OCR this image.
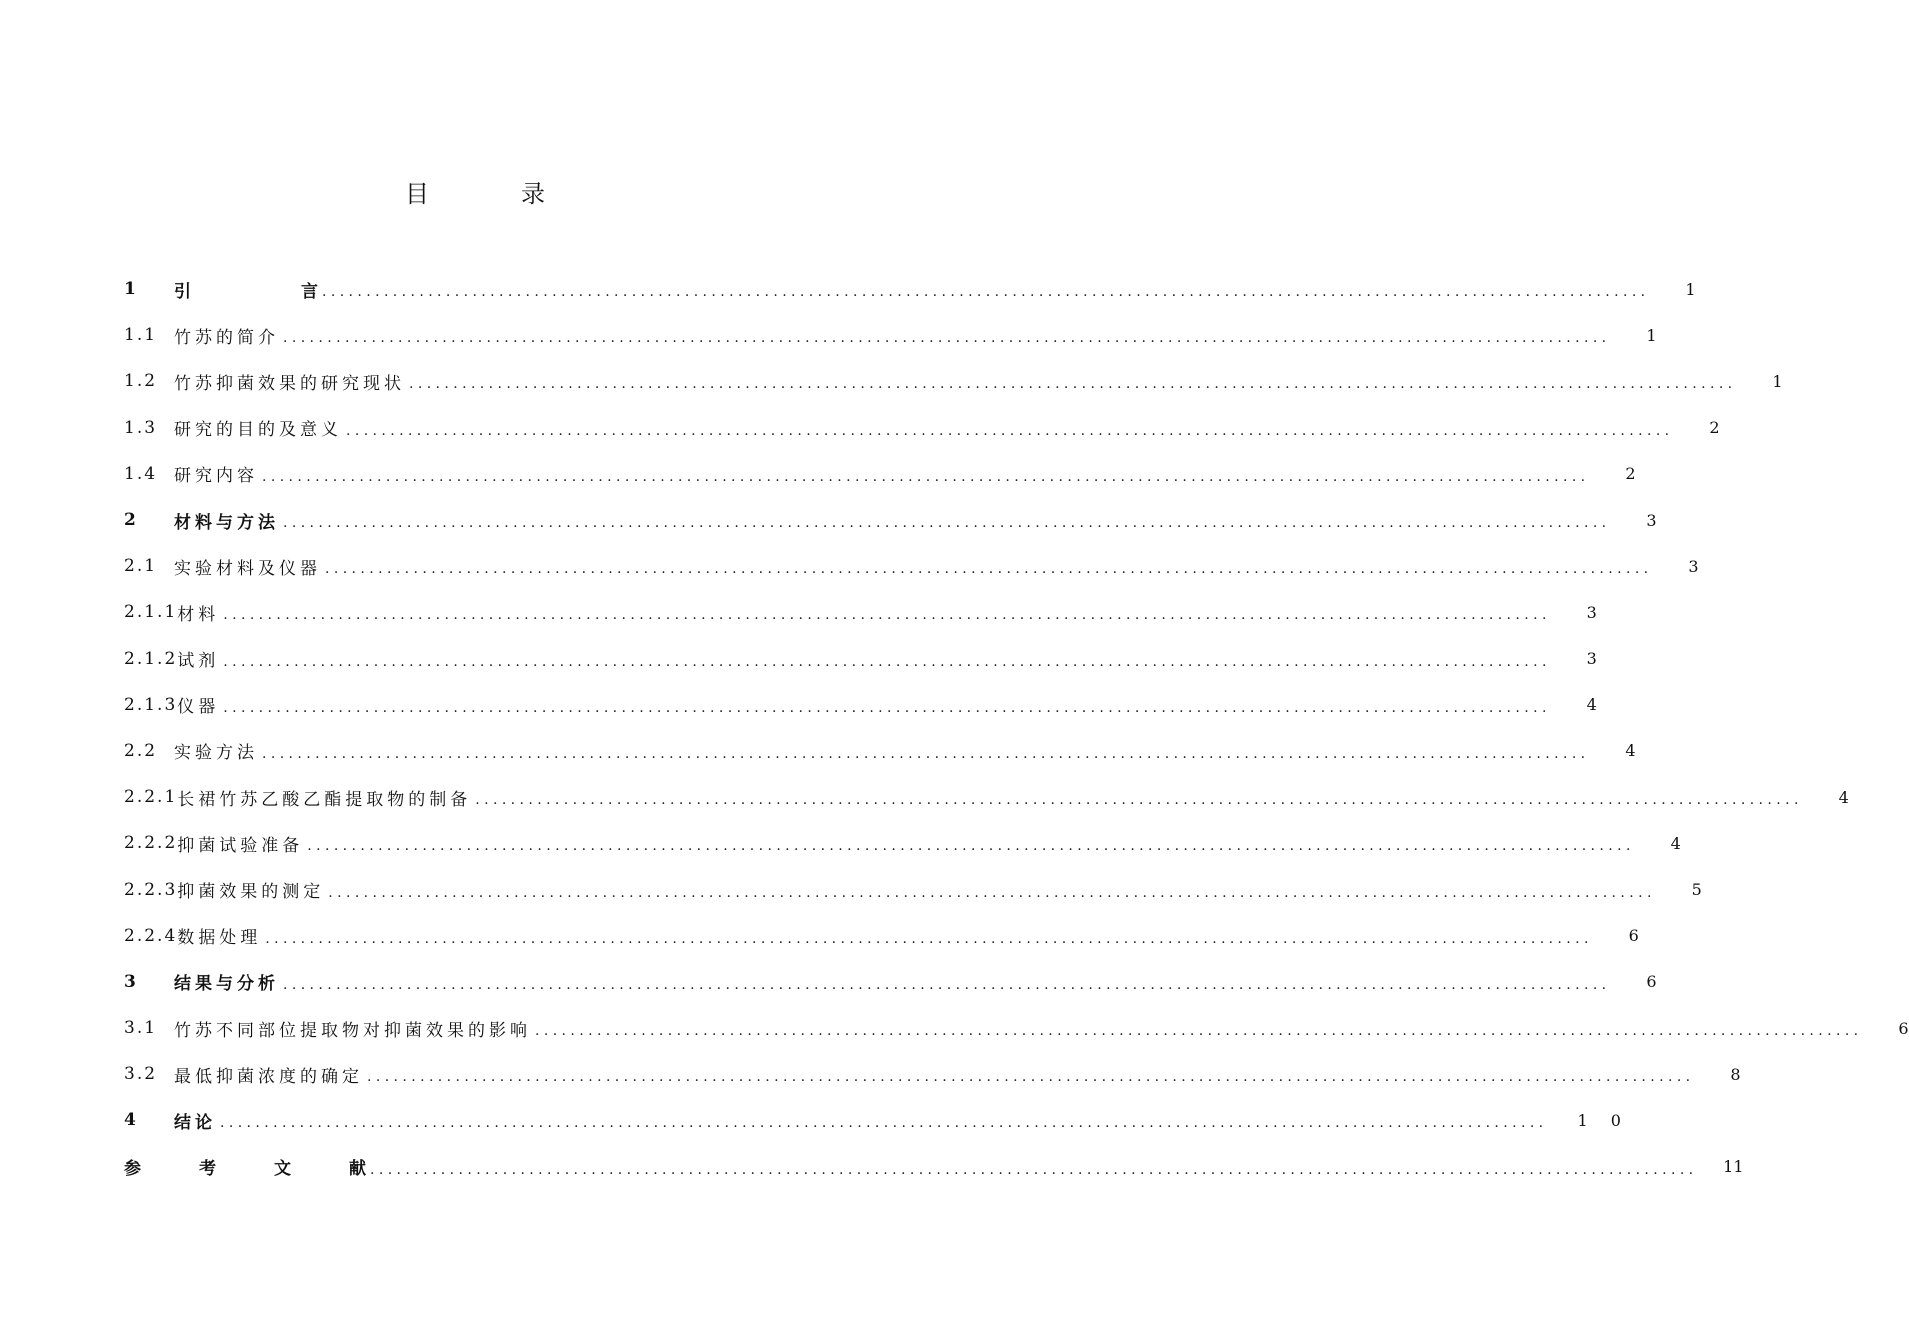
目	录
1	引言 .....	1
1.1 竹苏的简介 .....	1
1.2 竹苏抑菌效果的研究现状 .....	1
1.3 研究的目的及意义 .....	2
1.4 研究内容 .....	2
2	材料与方法 .....	3
2.1 实验材料及仪器 .....	3
2.1.1 材料 .....	3
2.1.2 试剂 .....	3
2.1.3 仪器 .....	4
2.2 实验方法 .....	4
2.2.1 长裙竹苏乙酸乙酯提取物的制备 .....	4
2.2.2 抑菌试验准备 .....	4
2.2.3 抑菌效果的测定 .....	5
2.2.4 数据处理 .....	6
3	结果与分析 .....	6
3.1 竹苏不同部位提取物对抑菌效果的影响 .....	6
3.2 最低抑菌浓度的确定 .....	8
4	结论 .....	1 0
参考文献 .....	11
